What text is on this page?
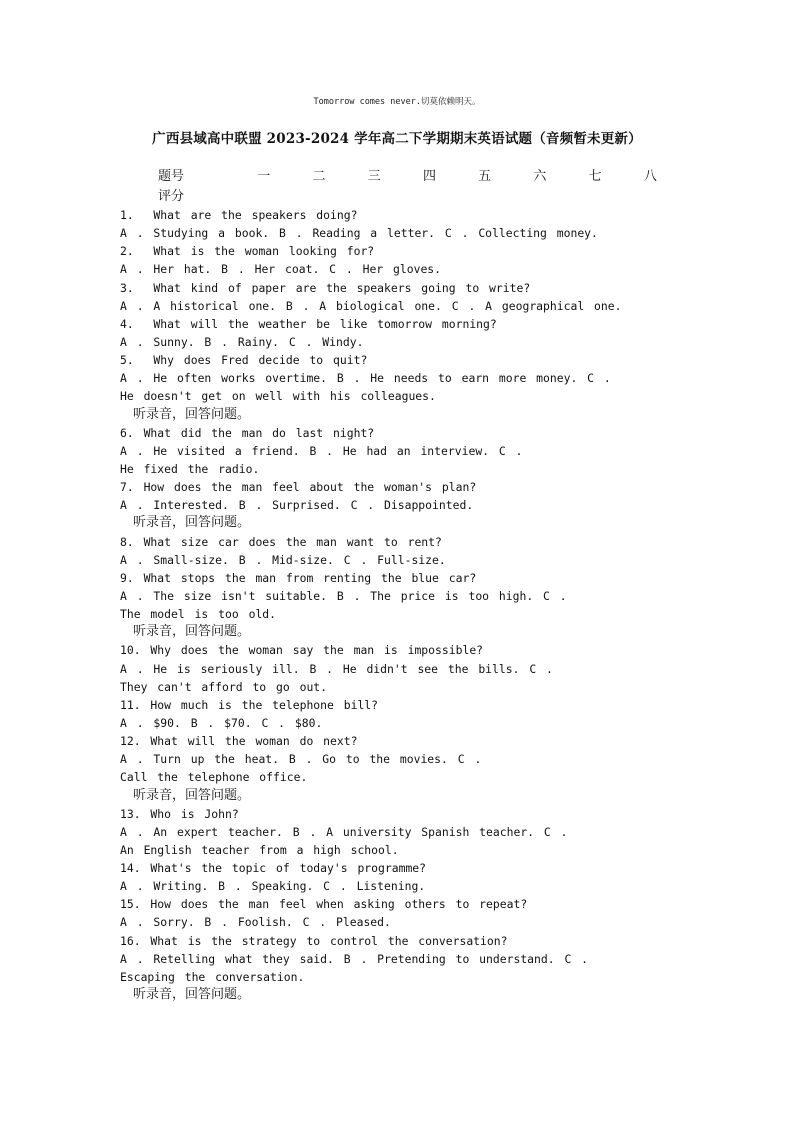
Tomorrow comes never.切莫依赖明天。
广西县域高中联盟 2023-2024 学年高二下学期期末英语试题（音频暂未更新）
题号	一	二	三	四	五	六	七	八
评分
1.  What are the speakers doing?
A . Studying a book. B . Reading a letter. C . Collecting money.
2.  What is the woman looking for?
A . Her hat. B . Her coat. C . Her gloves.
3.  What kind of paper are the speakers going to write?
A . A historical one. B . A biological one. C . A geographical one.
4.  What will the weather be like tomorrow morning?
A . Sunny. B . Rainy. C . Windy.
5.  Why does Fred decide to quit?
A . He often works overtime. B . He needs to earn more money. C .
He doesn't get on well with his colleagues.
听录音，回答问题。
6. What did the man do last night?
A . He visited a friend. B . He had an interview. C .
He fixed the radio.
7. How does the man feel about the woman's plan?
A . Interested. B . Surprised. C . Disappointed.
听录音，回答问题。
8. What size car does the man want to rent?
A . Small-size. B . Mid-size. C . Full-size.
9. What stops the man from renting the blue car?
A . The size isn't suitable. B . The price is too high. C .
The model is too old.
听录音，回答问题。
10. Why does the woman say the man is impossible?
A . He is seriously ill. B . He didn't see the bills. C .
They can't afford to go out.
11. How much is the telephone bill?
A . $90. B . $70. C . $80.
12. What will the woman do next?
A . Turn up the heat. B . Go to the movies. C .
Call the telephone office.
听录音，回答问题。
13. Who is John?
A . An expert teacher. B . A university Spanish teacher. C .
An English teacher from a high school.
14. What's the topic of today's programme?
A . Writing. B . Speaking. C . Listening.
15. How does the man feel when asking others to repeat?
A . Sorry. B . Foolish. C . Pleased.
16. What is the strategy to control the conversation?
A . Retelling what they said. B . Pretending to understand. C .
Escaping the conversation.
听录音，回答问题。
